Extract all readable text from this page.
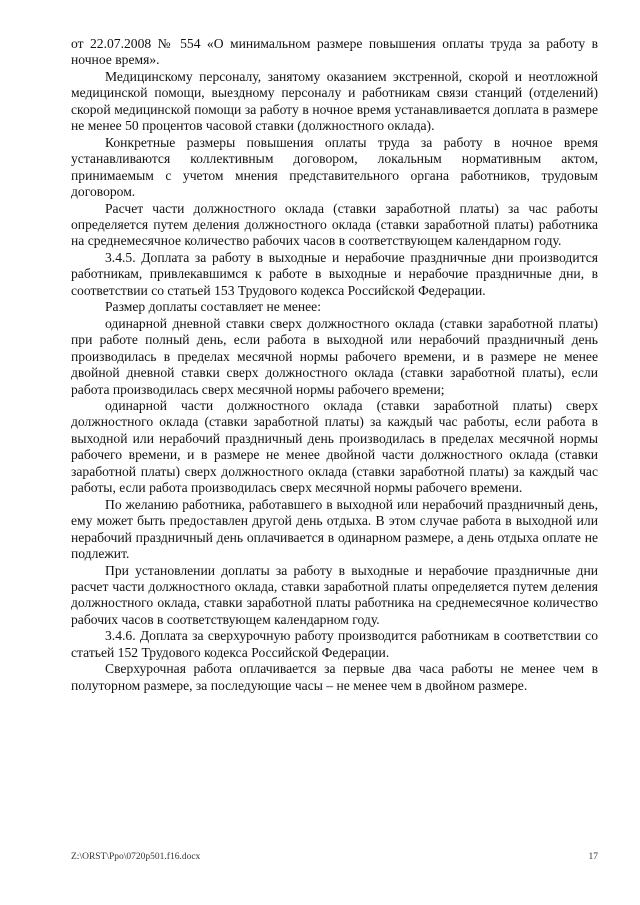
от 22.07.2008 № 554 «О минимальном размере повышения оплаты труда за работу в ночное время».

Медицинскому персоналу, занятому оказанием экстренной, скорой и неотложной медицинской помощи, выездному персоналу и работникам связи станций (отделений) скорой медицинской помощи за работу в ночное время устанавливается доплата в размере не менее 50 процентов часовой ставки (должностного оклада).

Конкретные размеры повышения оплаты труда за работу в ночное время устанавливаются коллективным договором, локальным нормативным актом, принимаемым с учетом мнения представительного органа работников, трудовым договором.

Расчет части должностного оклада (ставки заработной платы) за час работы определяется путем деления должностного оклада (ставки заработной платы) работника на среднемесячное количество рабочих часов в соответствующем календарном году.

3.4.5. Доплата за работу в выходные и нерабочие праздничные дни производится работникам, привлекавшимся к работе в выходные и нерабочие праздничные дни, в соответствии со статьей 153 Трудового кодекса Российской Федерации.

Размер доплаты составляет не менее:

одинарной дневной ставки сверх должностного оклада (ставки заработной платы) при работе полный день, если работа в выходной или нерабочий праздничный день производилась в пределах месячной нормы рабочего времени, и в размере не менее двойной дневной ставки сверх должностного оклада (ставки заработной платы), если работа производилась сверх месячной нормы рабочего времени;

одинарной части должностного оклада (ставки заработной платы) сверх должностного оклада (ставки заработной платы) за каждый час работы, если работа в выходной или нерабочий праздничный день производилась в пределах месячной нормы рабочего времени, и в размере не менее двойной части должностного оклада (ставки заработной платы) сверх должностного оклада (ставки заработной платы) за каждый час работы, если работа производилась сверх месячной нормы рабочего времени.

По желанию работника, работавшего в выходной или нерабочий праздничный день, ему может быть предоставлен другой день отдыха. В этом случае работа в выходной или нерабочий праздничный день оплачивается в одинарном размере, а день отдыха оплате не подлежит.

При установлении доплаты за работу в выходные и нерабочие праздничные дни расчет части должностного оклада, ставки заработной платы определяется путем деления должностного оклада, ставки заработной платы работника на среднемесячное количество рабочих часов в соответствующем календарном году.

3.4.6. Доплата за сверхурочную работу производится работникам в соответствии со статьей 152 Трудового кодекса Российской Федерации.

Сверхурочная работа оплачивается за первые два часа работы не менее чем в полуторном размере, за последующие часы – не менее чем в двойном размере.

Z:\ORST\Ppo\0720p501.f16.docx	17
